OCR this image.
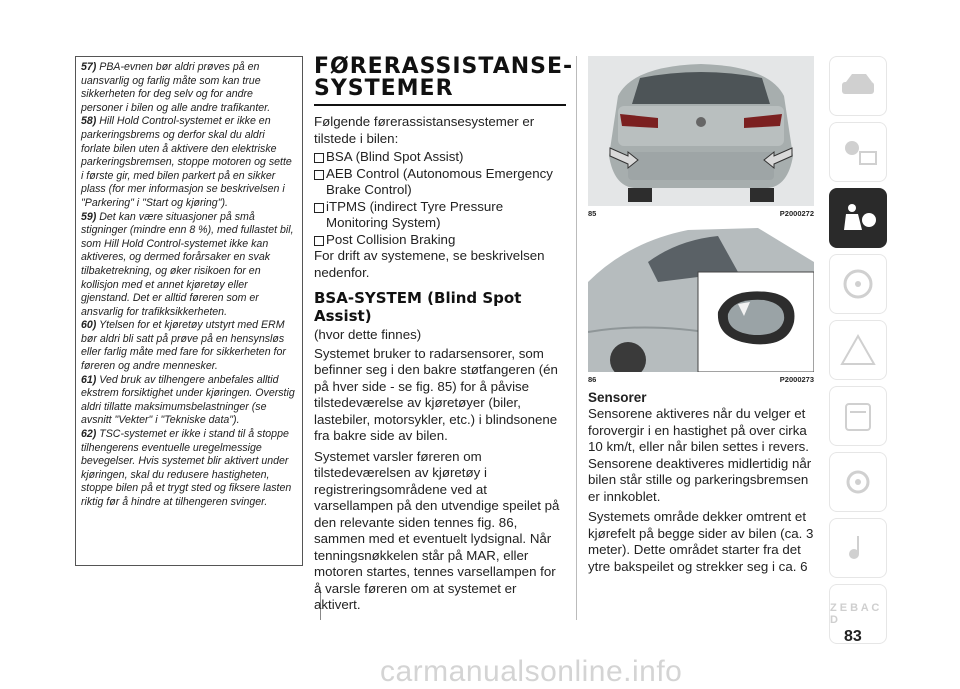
57) PBA-evnen bør aldri prøves på en uansvarlig og farlig måte som kan true sikkerheten for deg selv og for andre personer i bilen og alle andre trafikanter.

58) Hill Hold Control-systemet er ikke en parkeringsbrems og derfor skal du aldri forlate bilen uten å aktivere den elektriske parkeringsbremsen, stoppe motoren og sette i første gir, med bilen parkert på en sikker plass (for mer informasjon se beskrivelsen i "Parkering" i "Start og kjøring").

59) Det kan være situasjoner på små stigninger (mindre enn 8 %), med fullastet bil, som Hill Hold Control-systemet ikke kan aktiveres, og dermed forårsaker en svak tilbaketrekning, og øker risikoen for en kollisjon med et annet kjøretøy eller gjenstand. Det er alltid føreren som er ansvarlig for trafikksikkerheten.

60) Ytelsen for et kjøretøy utstyrt med ERM bør aldri bli satt på prøve på en hensynsløs eller farlig måte med fare for sikkerheten for føreren og andre mennesker.

61) Ved bruk av tilhengere anbefales alltid ekstrem forsiktighet under kjøringen. Overstig aldri tillatte maksimumsbelastninger (se avsnitt "Vekter" i "Tekniske data").

62) TSC-systemet er ikke i stand til å stoppe tilhengerens eventuelle uregelmessige bevegelser. Hvis systemet blir aktivert under kjøringen, skal du redusere hastigheten, stoppe bilen på et trygt sted og fiksere lasten riktig før å hindre at tilhengeren svinger.

FØRERASSISTANSE-SYSTEMER

Følgende førerassistansesystemer er tilstede i bilen:

BSA (Blind Spot Assist)
AEB Control (Autonomous Emergency Brake Control)
iTPMS (indirect Tyre Pressure Monitoring System)
Post Collision Braking

For drift av systemene, se beskrivelsen nedenfor.

BSA-SYSTEM (Blind Spot Assist)

(hvor dette finnes)

Systemet bruker to radarsensorer, som befinner seg i den bakre støtfangeren (én på hver side - se fig. 85) for å påvise tilstedeværelse av kjøretøyer (biler, lastebiler, motorsykler, etc.) i blindsonene fra bakre side av bilen.

Systemet varsler føreren om tilstedeværelsen av kjøretøy i registreringsområdene ved at varsellampen på den utvendige speilet på den relevante siden tennes fig. 86, sammen med et eventuelt lydsignal. Når tenningsnøkkelen står på MAR, eller motoren startes, tennes varsellampen for å varsle føreren om at systemet er aktivert.

85	P2000272
86	P2000273
Sensorer

Sensorene aktiveres når du velger et forovergir i en hastighet på over cirka 10 km/t, eller når bilen settes i revers. Sensorene deaktiveres midlertidig når bilen står stille og parkeringsbremsen er innkoblet.

Systemets område dekker omtrent et kjørefelt på begge sider av bilen (ca. 3 meter). Dette området starter fra det ytre bakspeilet og strekker seg i ca. 6

Z E B A C D
83
carmanualsonline.info
